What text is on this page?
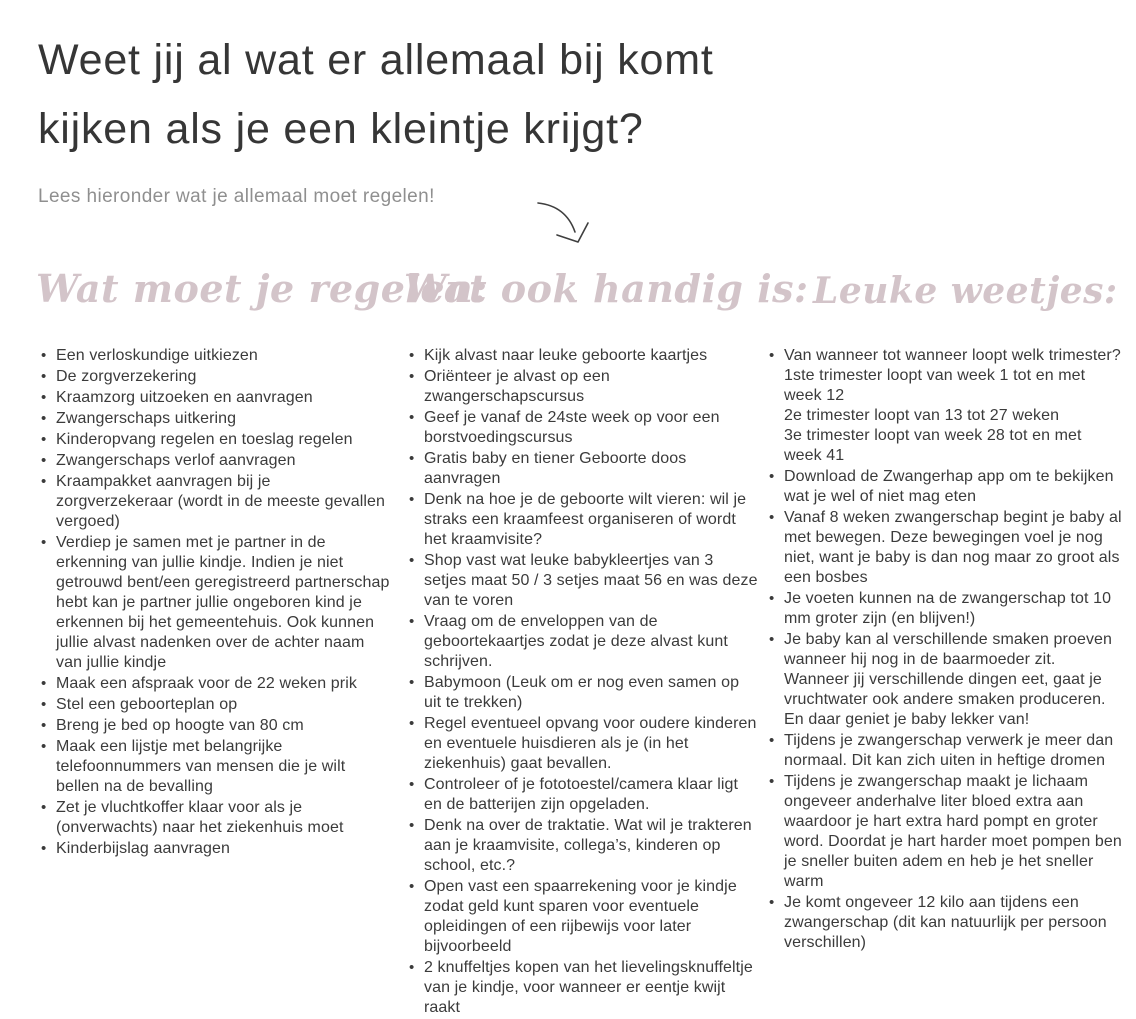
Weet jij al wat er allemaal bij komt
kijken als je een kleintje krijgt?

Lees hieronder wat je allemaal moet regelen!

Wat moet je regelen:
Wat ook handig is: Leuke weetjes:
• Een verloskundige uitkiezen
• De zorgverzekering
• Kraamzorg uitzoeken en aanvragen
• Zwangerschaps uitkering
• Kinderopvang regelen en toeslag regelen
• Zwangerschaps verlof aanvragen
• Kraampakket aanvragen bij je zorgverzekeraar (wordt in de meeste gevallen vergoed)
• Verdiep je samen met je partner in de erkenning van jullie kindje. Indien je niet getrouwd bent/een geregistreerd partnerschap hebt kan je partner jullie ongeboren kind je erkennen bij het gemeentehuis. Ook kunnen jullie alvast nadenken over de achter naam van jullie kindje
• Maak een afspraak voor de 22 weken prik
• Stel een geboorteplan op
• Breng je bed op hoogte van 80 cm
• Maak een lijstje met belangrijke telefoonnummers van mensen die je wilt bellen na de bevalling
• Zet je vluchtkoffer klaar voor als je (onverwachts) naar het ziekenhuis moet
• Kinderbijslag aanvragen
• Kijk alvast naar leuke geboorte kaartjes
• Oriënteer je alvast op een zwangerschapscursus
• Geef je vanaf de 24ste week op voor een borstvoedingscursus
• Gratis baby en tiener Geboorte doos aanvragen
• Denk na hoe je de geboorte wilt vieren: wil je straks een kraamfeest organiseren of wordt het kraamvisite?
• Shop vast wat leuke babykleertjes van 3 setjes maat 50 / 3 setjes maat 56 en was deze van te voren
• Vraag om de enveloppen van de geboortekaartjes zodat je deze alvast kunt schrijven.
• Babymoon (Leuk om er nog even samen op uit te trekken)
• Regel eventueel opvang voor oudere kinderen en eventuele huisdieren als je (in het ziekenhuis) gaat bevallen.
• Controleer of je fototoestel/camera klaar ligt en de batterijen zijn opgeladen.
• Denk na over de traktatie. Wat wil je trakteren aan je kraamvisite, collega’s, kinderen op school, etc.?
• Open vast een spaarrekening voor je kindje zodat geld kunt sparen voor eventuele opleidingen of een rijbewijs voor later bijvoorbeeld
• 2 knuffeltjes kopen van het lievelingsknuffeltje van je kindje, voor wanneer er eentje kwijt raakt
• Van wanneer tot wanneer loopt welk trimester?
1ste trimester loopt van week 1 tot en met week 12
2e trimester loopt van 13 tot 27 weken
3e trimester loopt van week 28 tot en met week 41
• Download de Zwangerhap app om te bekijken wat je wel of niet mag eten
• Vanaf 8 weken zwangerschap begint je baby al met bewegen. Deze bewegingen voel je nog niet, want je baby is dan nog maar zo groot als een bosbes
• Je voeten kunnen na de zwangerschap tot 10 mm groter zijn (en blijven!)
• Je baby kan al verschillende smaken proeven wanneer hij nog in de baarmoeder zit. Wanneer jij verschillende dingen eet, gaat je vruchtwater ook andere smaken produceren. En daar geniet je baby lekker van!
• Tijdens je zwangerschap verwerk je meer dan normaal. Dit kan zich uiten in heftige dromen
• Tijdens je zwangerschap maakt je lichaam ongeveer anderhalve liter bloed extra aan waardoor je hart extra hard pompt en groter word. Doordat je hart harder moet pompen ben je sneller buiten adem en heb je het sneller warm
• Je komt ongeveer 12 kilo aan tijdens een zwangerschap (dit kan natuurlijk per persoon verschillen)
